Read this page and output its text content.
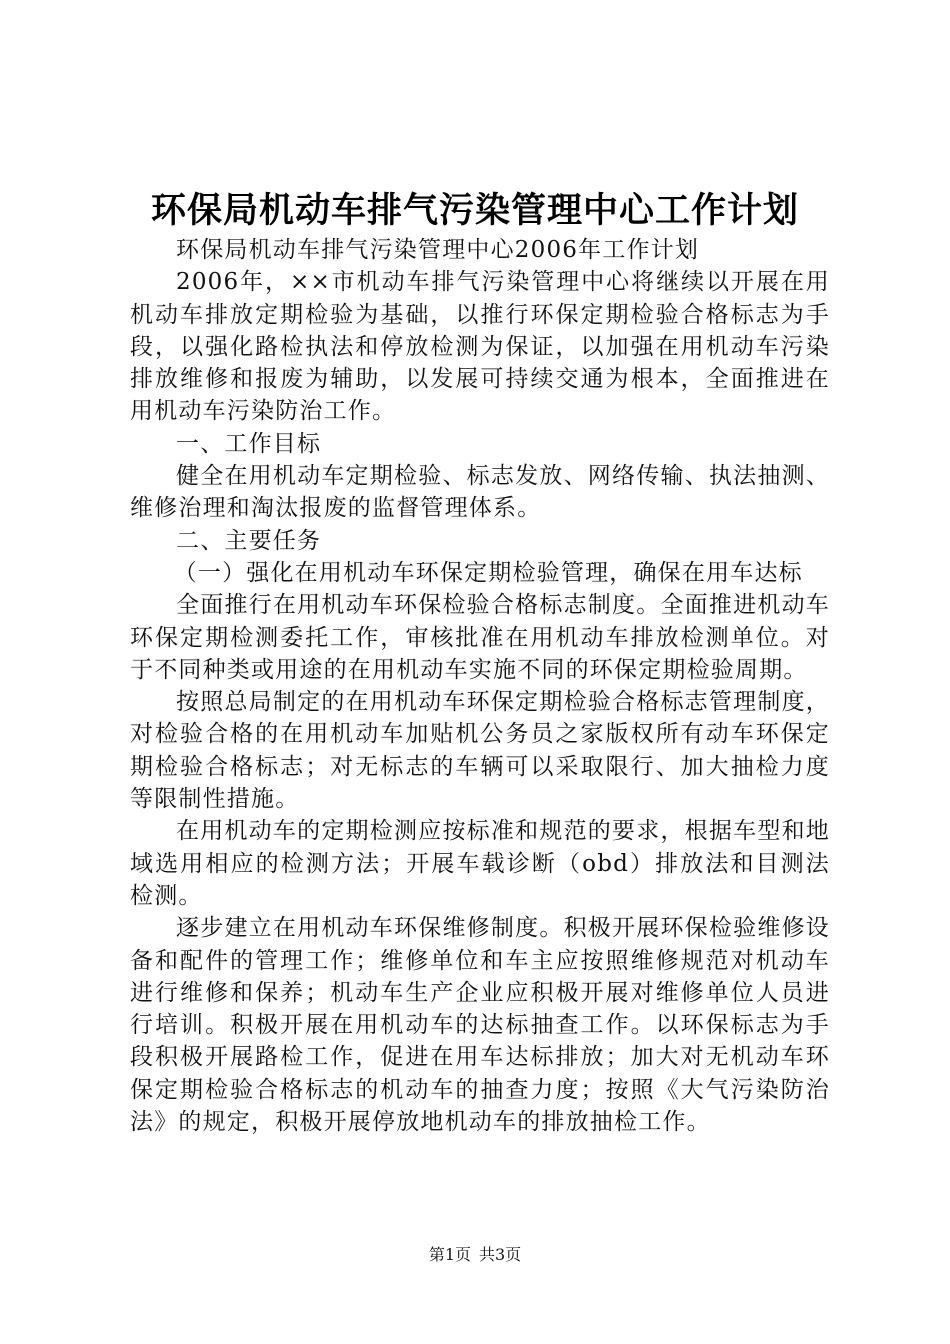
环保局机动车排气污染管理中心工作计划

环保局机动车排气污染管理中心2006年工作计划

2006年，××市机动车排气污染管理中心将继续以开展在用机动车排放定期检验为基础，以推行环保定期检验合格标志为手段，以强化路检执法和停放检测为保证，以加强在用机动车污染排放维修和报废为辅助，以发展可持续交通为根本，全面推进在用机动车污染防治工作。

一、工作目标

健全在用机动车定期检验、标志发放、网络传输、执法抽测、维修治理和淘汰报废的监督管理体系。

二、主要任务

（一）强化在用机动车环保定期检验管理，确保在用车达标

全面推行在用机动车环保检验合格标志制度。全面推进机动车环保定期检测委托工作，审核批准在用机动车排放检测单位。对于不同种类或用途的在用机动车实施不同的环保定期检验周期。

按照总局制定的在用机动车环保定期检验合格标志管理制度，对检验合格的在用机动车加贴机公务员之家版权所有动车环保定期检验合格标志；对无标志的车辆可以采取限行、加大抽检力度等限制性措施。

在用机动车的定期检测应按标准和规范的要求，根据车型和地域选用相应的检测方法；开展车载诊断（obd）排放法和目测法检测。

逐步建立在用机动车环保维修制度。积极开展环保检验维修设备和配件的管理工作；维修单位和车主应按照维修规范对机动车进行维修和保养；机动车生产企业应积极开展对维修单位人员进行培训。积极开展在用机动车的达标抽查工作。以环保标志为手段积极开展路检工作，促进在用车达标排放；加大对无机动车环保定期检验合格标志的机动车的抽查力度；按照《大气污染防治法》的规定，积极开展停放地机动车的排放抽检工作。

第1页 共3页
